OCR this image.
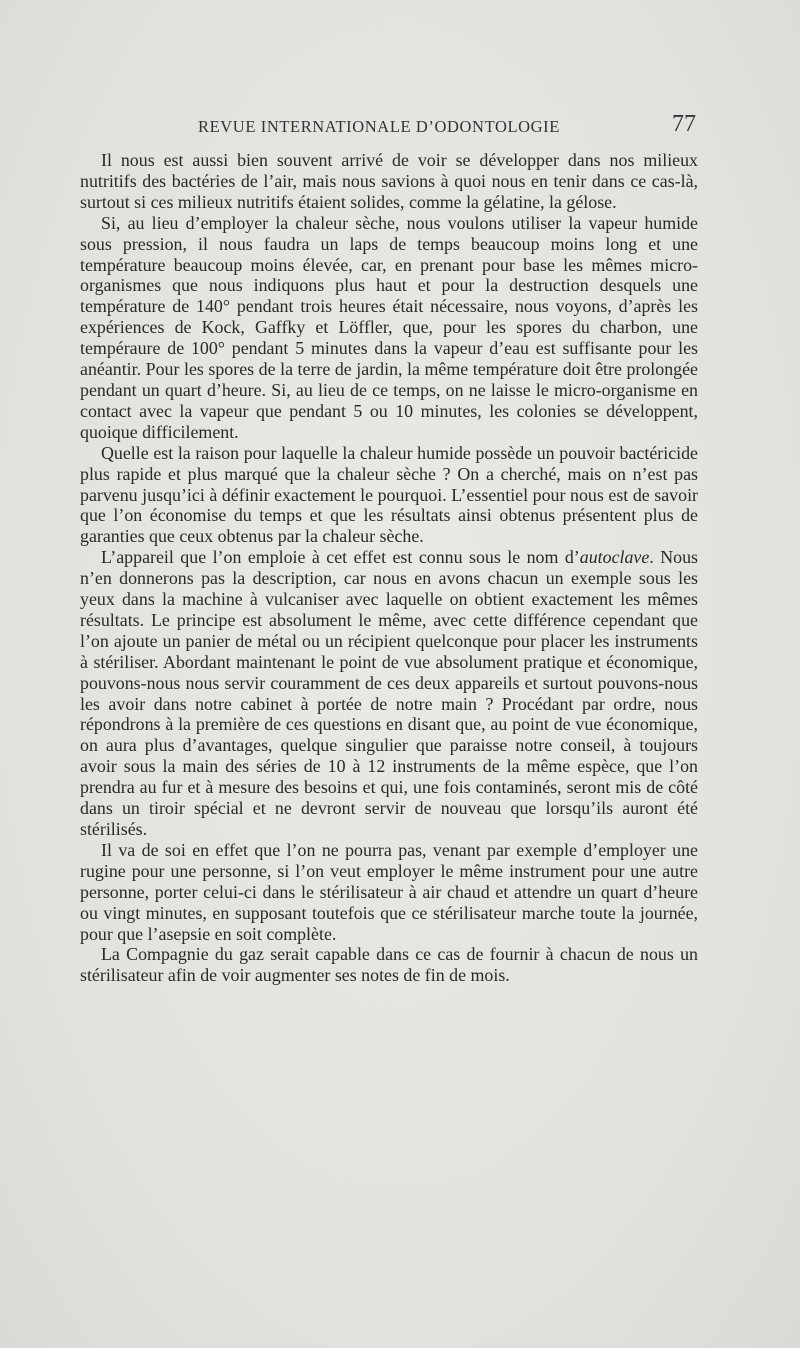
REVUE INTERNATIONALE D’ODONTOLOGIE	77

Il nous est aussi bien souvent arrivé de voir se développer dans nos milieux nutritifs des bactéries de l’air, mais nous savions à quoi nous en tenir dans ce cas-là, surtout si ces milieux nutritifs étaient solides, comme la gélatine, la gélose.

Si, au lieu d’employer la chaleur sèche, nous voulons utiliser la vapeur humide sous pression, il nous faudra un laps de temps beaucoup moins long et une température beaucoup moins élevée, car, en prenant pour base les mêmes micro-organismes que nous indiquons plus haut et pour la destruction desquels une température de 140° pendant trois heures était nécessaire, nous voyons, d’après les expériences de Kock, Gaffky et Löffler, que, pour les spores du charbon, une tempéraure de 100° pendant 5 minutes dans la vapeur d’eau est suffisante pour les anéantir. Pour les spores de la terre de jardin, la même température doit être prolongée pendant un quart d’heure. Si, au lieu de ce temps, on ne laisse le micro-organisme en contact avec la vapeur que pendant 5 ou 10 minutes, les colonies se développent, quoique difficilement.

Quelle est la raison pour laquelle la chaleur humide possède un pouvoir bactéricide plus rapide et plus marqué que la chaleur sèche ? On a cherché, mais on n’est pas parvenu jusqu’ici à définir exactement le pourquoi. L’essentiel pour nous est de savoir que l’on économise du temps et que les résultats ainsi obtenus présentent plus de garanties que ceux obtenus par la chaleur sèche.

L’appareil que l’on emploie à cet effet est connu sous le nom d’autoclave. Nous n’en donnerons pas la description, car nous en avons chacun un exemple sous les yeux dans la machine à vulcaniser avec laquelle on obtient exactement les mêmes résultats. Le principe est absolument le même, avec cette différence cependant que l’on ajoute un panier de métal ou un récipient quelconque pour placer les instruments à stériliser. Abordant maintenant le point de vue absolument pratique et économique, pouvons-nous nous servir couramment de ces deux appareils et surtout pouvons-nous les avoir dans notre cabinet à portée de notre main ? Procédant par ordre, nous répondrons à la première de ces questions en disant que, au point de vue économique, on aura plus d’avantages, quelque singulier que paraisse notre conseil, à toujours avoir sous la main des séries de 10 à 12 instruments de la même espèce, que l’on prendra au fur et à mesure des besoins et qui, une fois contaminés, seront mis de côté dans un tiroir spécial et ne devront servir de nouveau que lorsqu’ils auront été stérilisés.

Il va de soi en effet que l’on ne pourra pas, venant par exemple d’employer une rugine pour une personne, si l’on veut employer le même instrument pour une autre personne, porter celui-ci dans le stérilisateur à air chaud et attendre un quart d’heure ou vingt minutes, en supposant toutefois que ce stérilisateur marche toute la journée, pour que l’asepsie en soit complète.

La Compagnie du gaz serait capable dans ce cas de fournir à chacun de nous un stérilisateur afin de voir augmenter ses notes de fin de mois.
